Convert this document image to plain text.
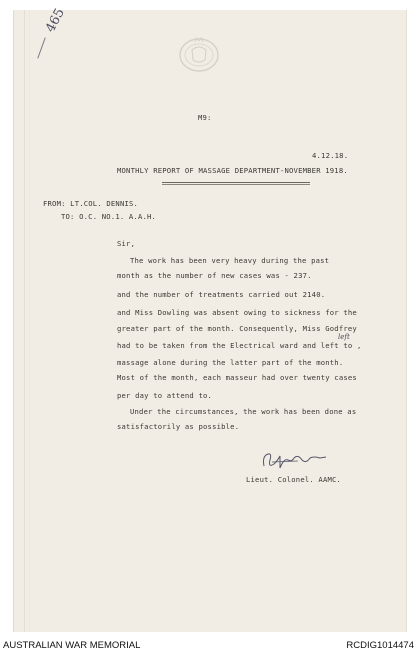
465
M9:
4.12.18.
MONTHLY REPORT OF MASSAGE DEPARTMENT-NOVEMBER 1918.
FROM: LT.COL. DENNIS.
TO: O.C. NO.1. A.A.H.
Sir,
The work has been very heavy during the past
month as the number of new cases was - 237.
and the number of treatments carried out 2140.
and Miss Dowling was absent owing to sickness for the
greater part of the month. Consequently, Miss Godfrey
left
had to be taken from the Electrical ward and left to ,
massage alone during the latter part of the month.
Most of the month, each masseur had over twenty cases
per day to attend to.
Under the circumstances, the work has been done as
satisfactorily as possible.
Lieut. Colonel. AAMC.
AUSTRALIAN WAR MEMORIAL	RCDIG1014474
